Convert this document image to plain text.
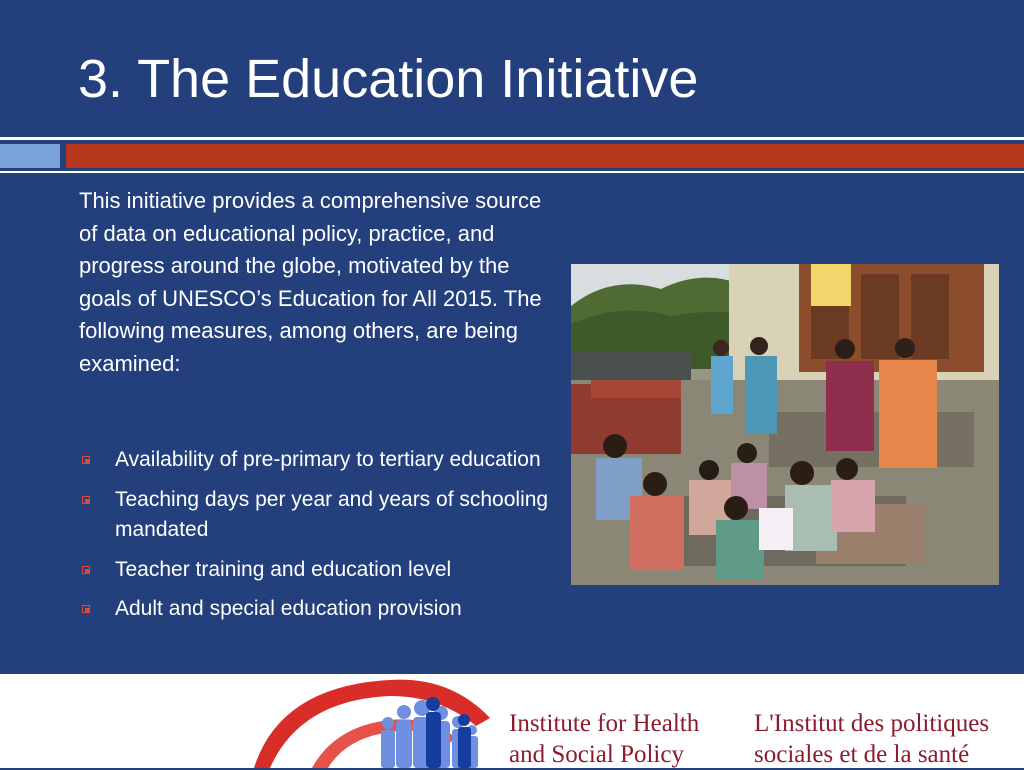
3. The Education Initiative
This initiative provides a comprehensive source of data on educational policy, practice, and progress around the globe, motivated by the goals of UNESCO’s Education for All 2015. The following measures, among others, are being examined:
Availability of pre-primary to tertiary education
Teaching days per year and years of schooling mandated
Teacher training and education level
Adult and special education provision
Institute for Health
and Social Policy
L'Institut des politiques
sociales et de la santé
